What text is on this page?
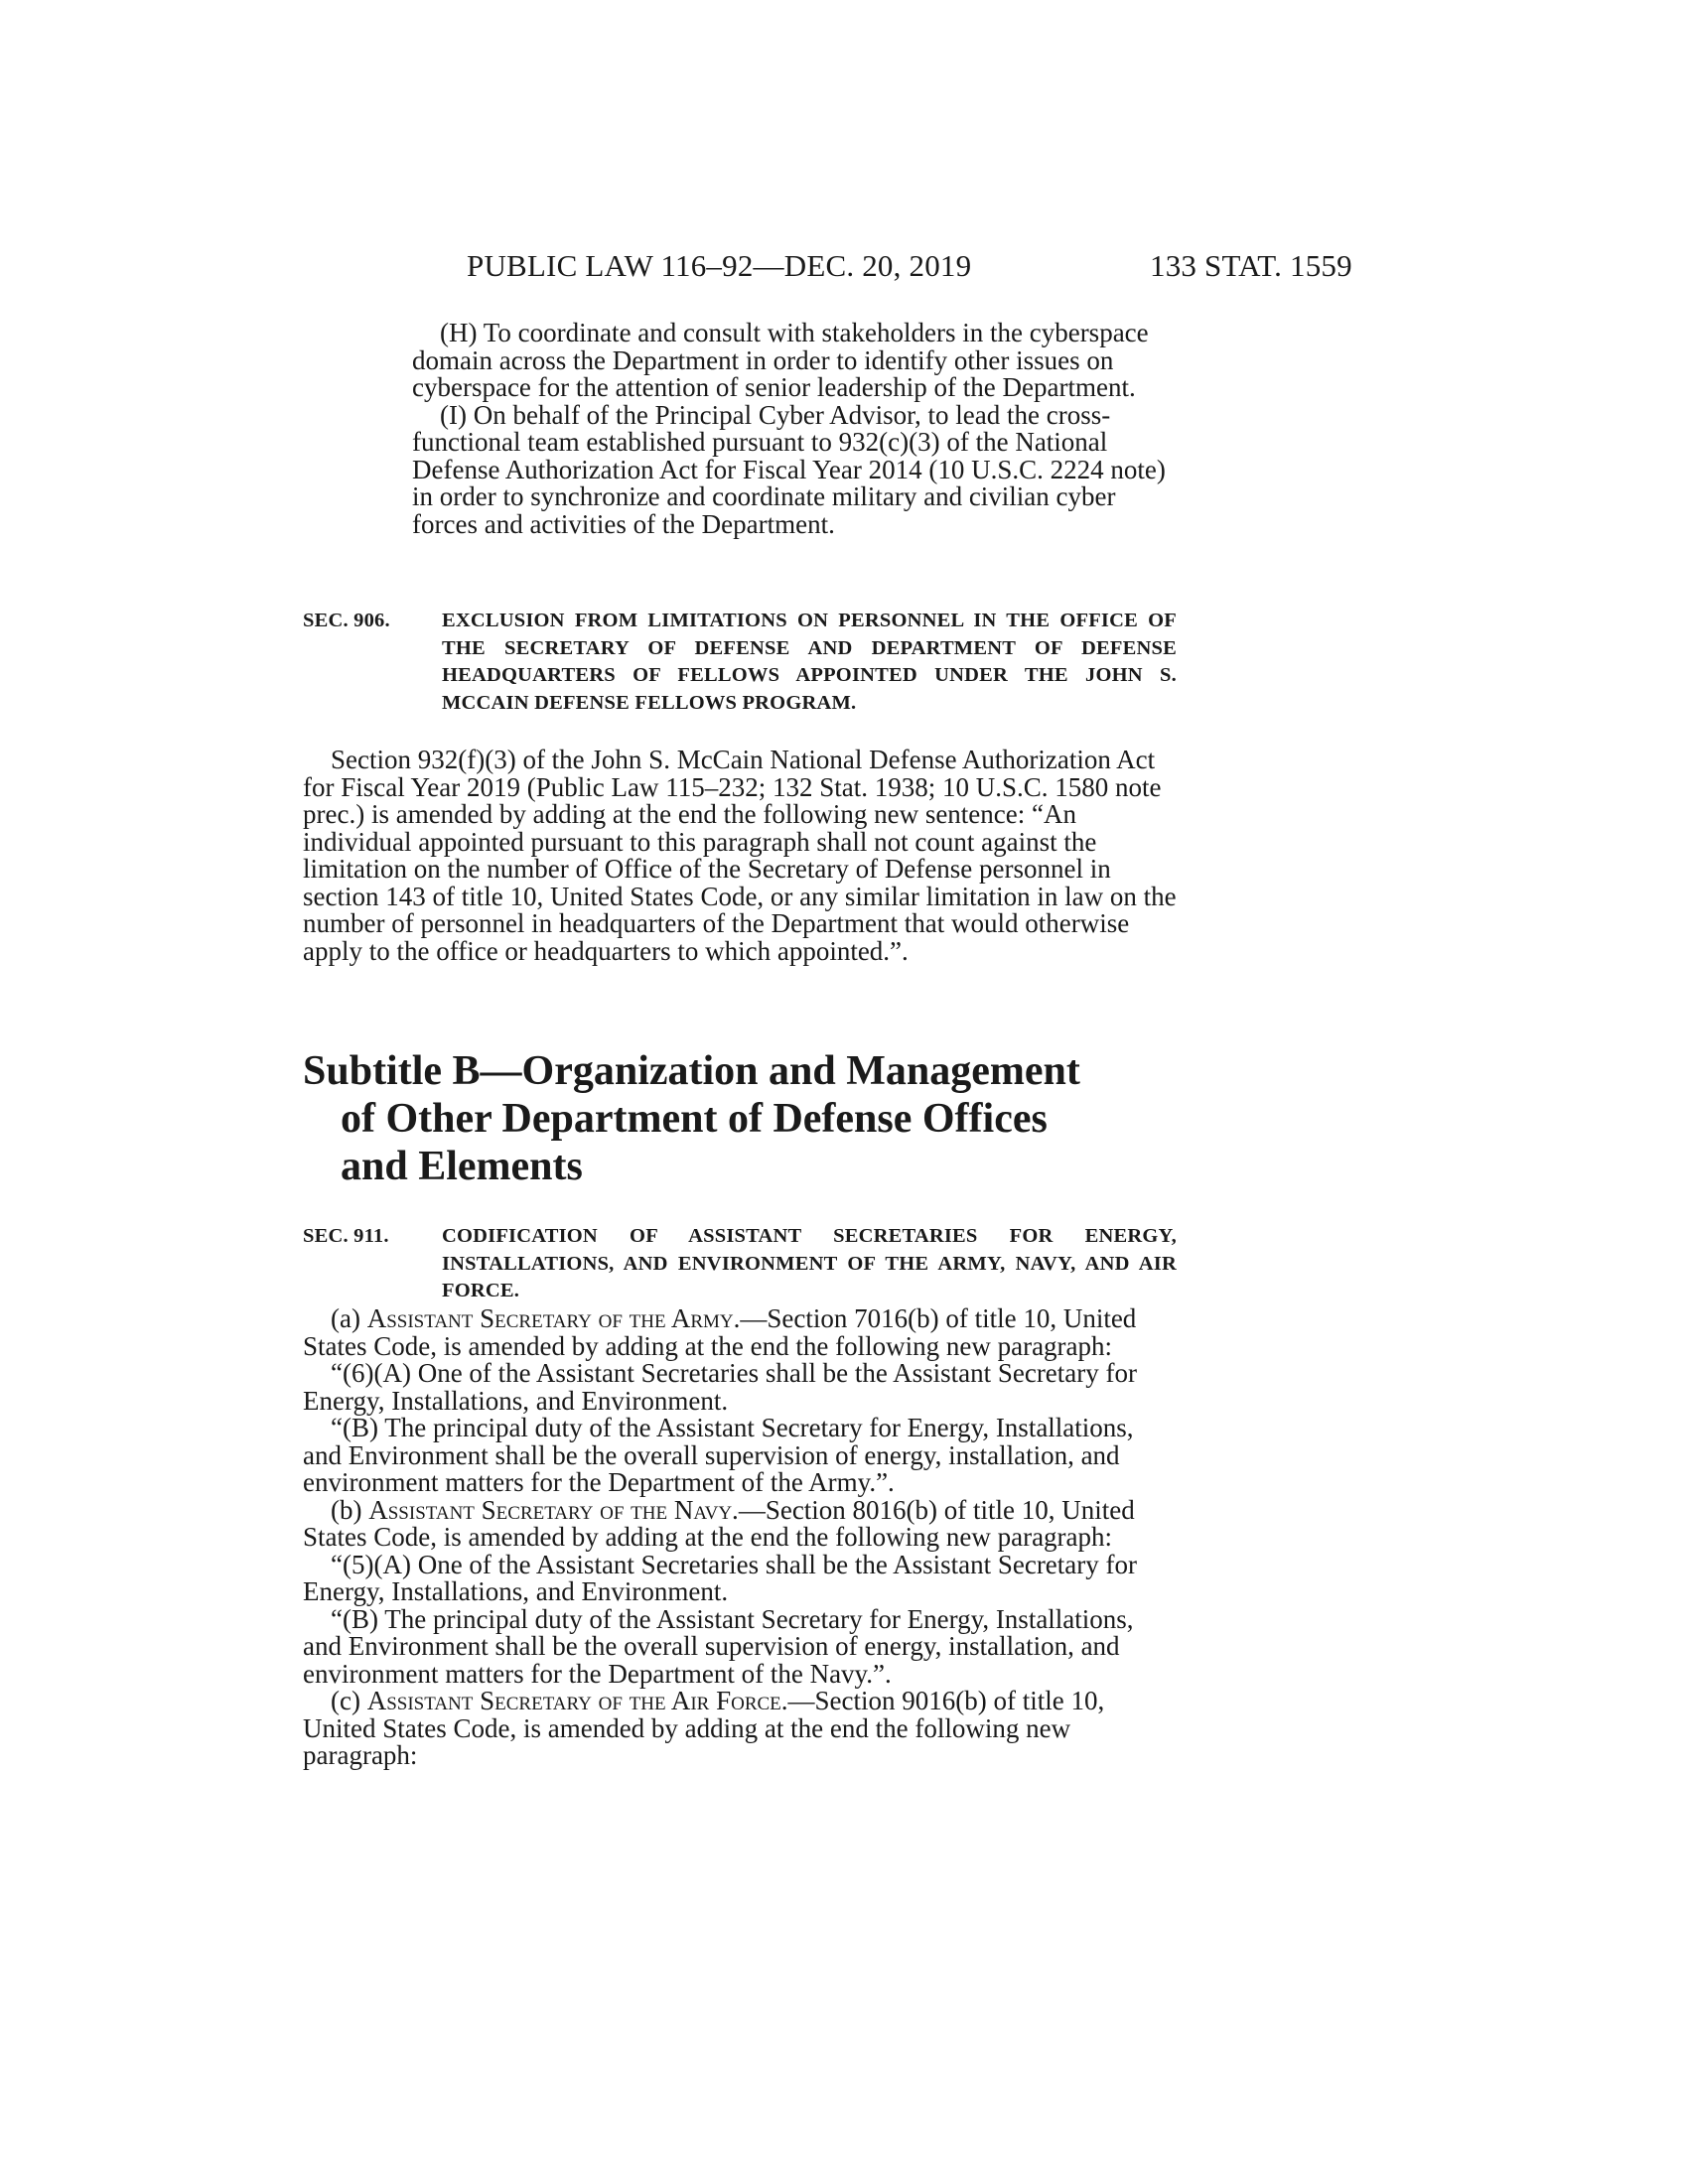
PUBLIC LAW 116–92—DEC. 20, 2019	133 STAT. 1559

(H) To coordinate and consult with stakeholders in the cyberspace domain across the Department in order to identify other issues on cyberspace for the attention of senior leadership of the Department.

(I) On behalf of the Principal Cyber Advisor, to lead the cross-functional team established pursuant to 932(c)(3) of the National Defense Authorization Act for Fiscal Year 2014 (10 U.S.C. 2224 note) in order to synchronize and coordinate military and civilian cyber forces and activities of the Department.

SEC. 906.	EXCLUSION FROM LIMITATIONS ON PERSONNEL IN THE OFFICE OF THE SECRETARY OF DEFENSE AND DEPARTMENT OF DEFENSE HEADQUARTERS OF FELLOWS APPOINTED UNDER THE JOHN S. MCCAIN DEFENSE FELLOWS PROGRAM.

Section 932(f)(3) of the John S. McCain National Defense Authorization Act for Fiscal Year 2019 (Public Law 115–232; 132 Stat. 1938; 10 U.S.C. 1580 note prec.) is amended by adding at the end the following new sentence: “An individual appointed pursuant to this paragraph shall not count against the limitation on the number of Office of the Secretary of Defense personnel in section 143 of title 10, United States Code, or any similar limitation in law on the number of personnel in headquarters of the Department that would otherwise apply to the office or headquarters to which appointed.”.

Subtitle B—Organization and Management
of Other Department of Defense Offices
and Elements
SEC. 911.	CODIFICATION OF ASSISTANT SECRETARIES FOR ENERGY, INSTALLATIONS, AND ENVIRONMENT OF THE ARMY, NAVY, AND AIR FORCE.

(a) Assistant Secretary of the Army.—Section 7016(b) of title 10, United States Code, is amended by adding at the end the following new paragraph:

“(6)(A) One of the Assistant Secretaries shall be the Assistant Secretary for Energy, Installations, and Environment.

“(B) The principal duty of the Assistant Secretary for Energy, Installations, and Environment shall be the overall supervision of energy, installation, and environment matters for the Department of the Army.”.

(b) Assistant Secretary of the Navy.—Section 8016(b) of title 10, United States Code, is amended by adding at the end the following new paragraph:

“(5)(A) One of the Assistant Secretaries shall be the Assistant Secretary for Energy, Installations, and Environment.

“(B) The principal duty of the Assistant Secretary for Energy, Installations, and Environment shall be the overall supervision of energy, installation, and environment matters for the Department of the Navy.”.

(c) Assistant Secretary of the Air Force.—Section 9016(b) of title 10, United States Code, is amended by adding at the end the following new paragraph:
